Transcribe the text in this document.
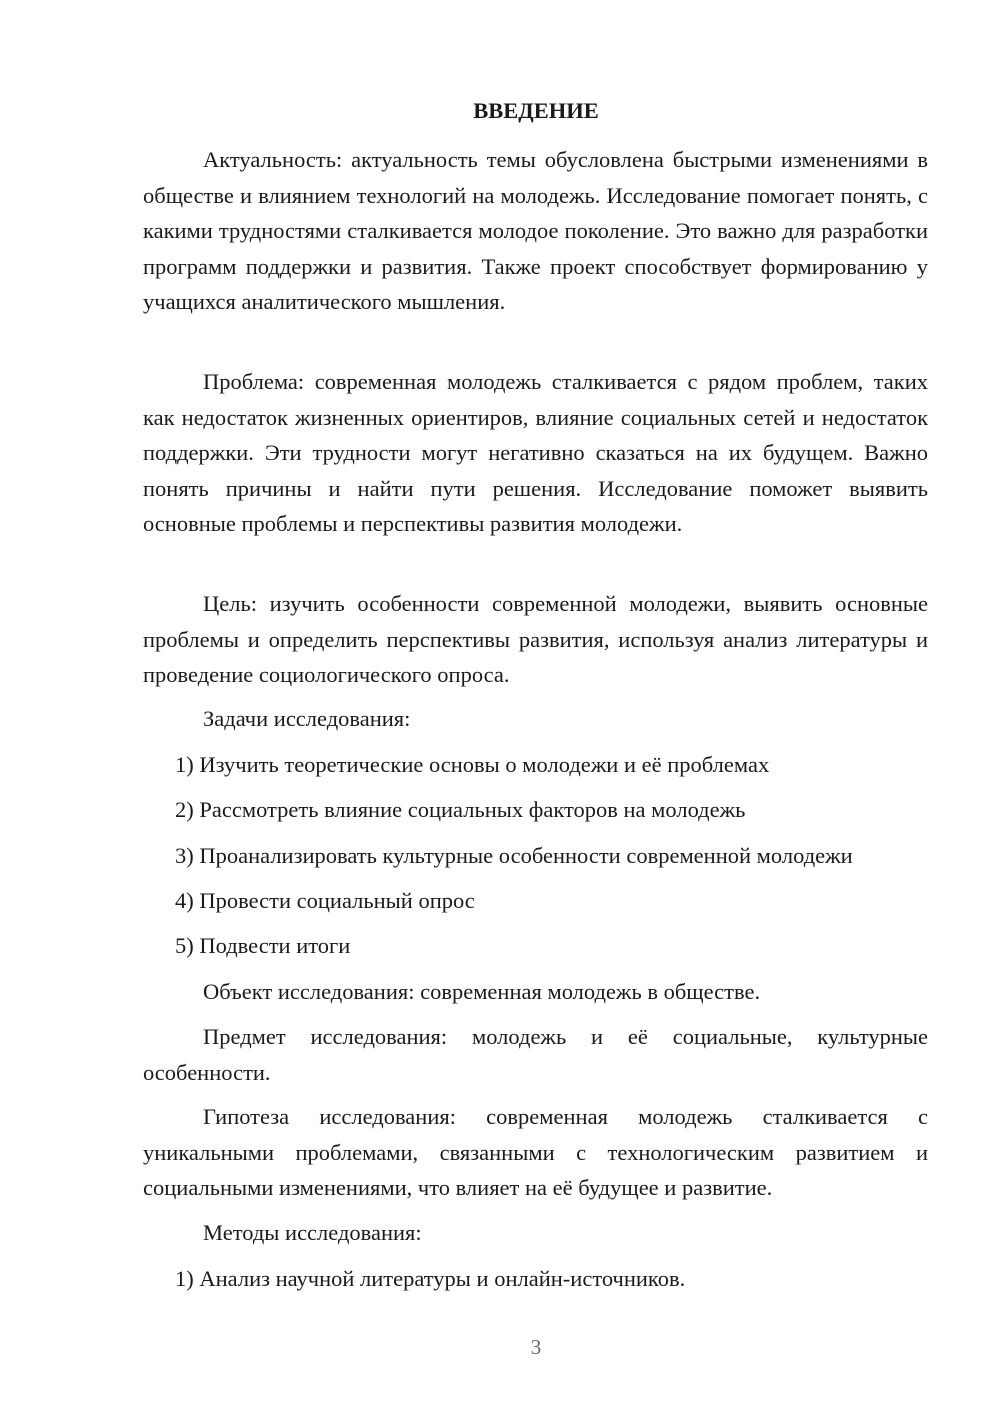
ВВЕДЕНИЕ

Актуальность: актуальность темы обусловлена быстрыми изменениями в обществе и влиянием технологий на молодежь. Исследование помогает понять, с какими трудностями сталкивается молодое поколение. Это важно для разработки программ поддержки и развития. Также проект способствует формированию у учащихся аналитического мышления.

Проблема: современная молодежь сталкивается с рядом проблем, таких как недостаток жизненных ориентиров, влияние социальных сетей и недостаток поддержки. Эти трудности могут негативно сказаться на их будущем. Важно понять причины и найти пути решения. Исследование поможет выявить основные проблемы и перспективы развития молодежи.

Цель: изучить особенности современной молодежи, выявить основные проблемы и определить перспективы развития, используя анализ литературы и проведение социологического опроса.

Задачи исследования:
1) Изучить теоретические основы о молодежи и её проблемах
2) Рассмотреть влияние социальных факторов на молодежь
3) Проанализировать культурные особенности современной молодежи
4) Провести социальный опрос
5) Подвести итоги
Объект исследования: современная молодежь в обществе.

Предмет исследования: молодежь и её социальные, культурные особенности.

Гипотеза исследования: современная молодежь сталкивается с уникальными проблемами, связанными с технологическим развитием и социальными изменениями, что влияет на её будущее и развитие.

Методы исследования:
1) Анализ научной литературы и онлайн-источников.
3
